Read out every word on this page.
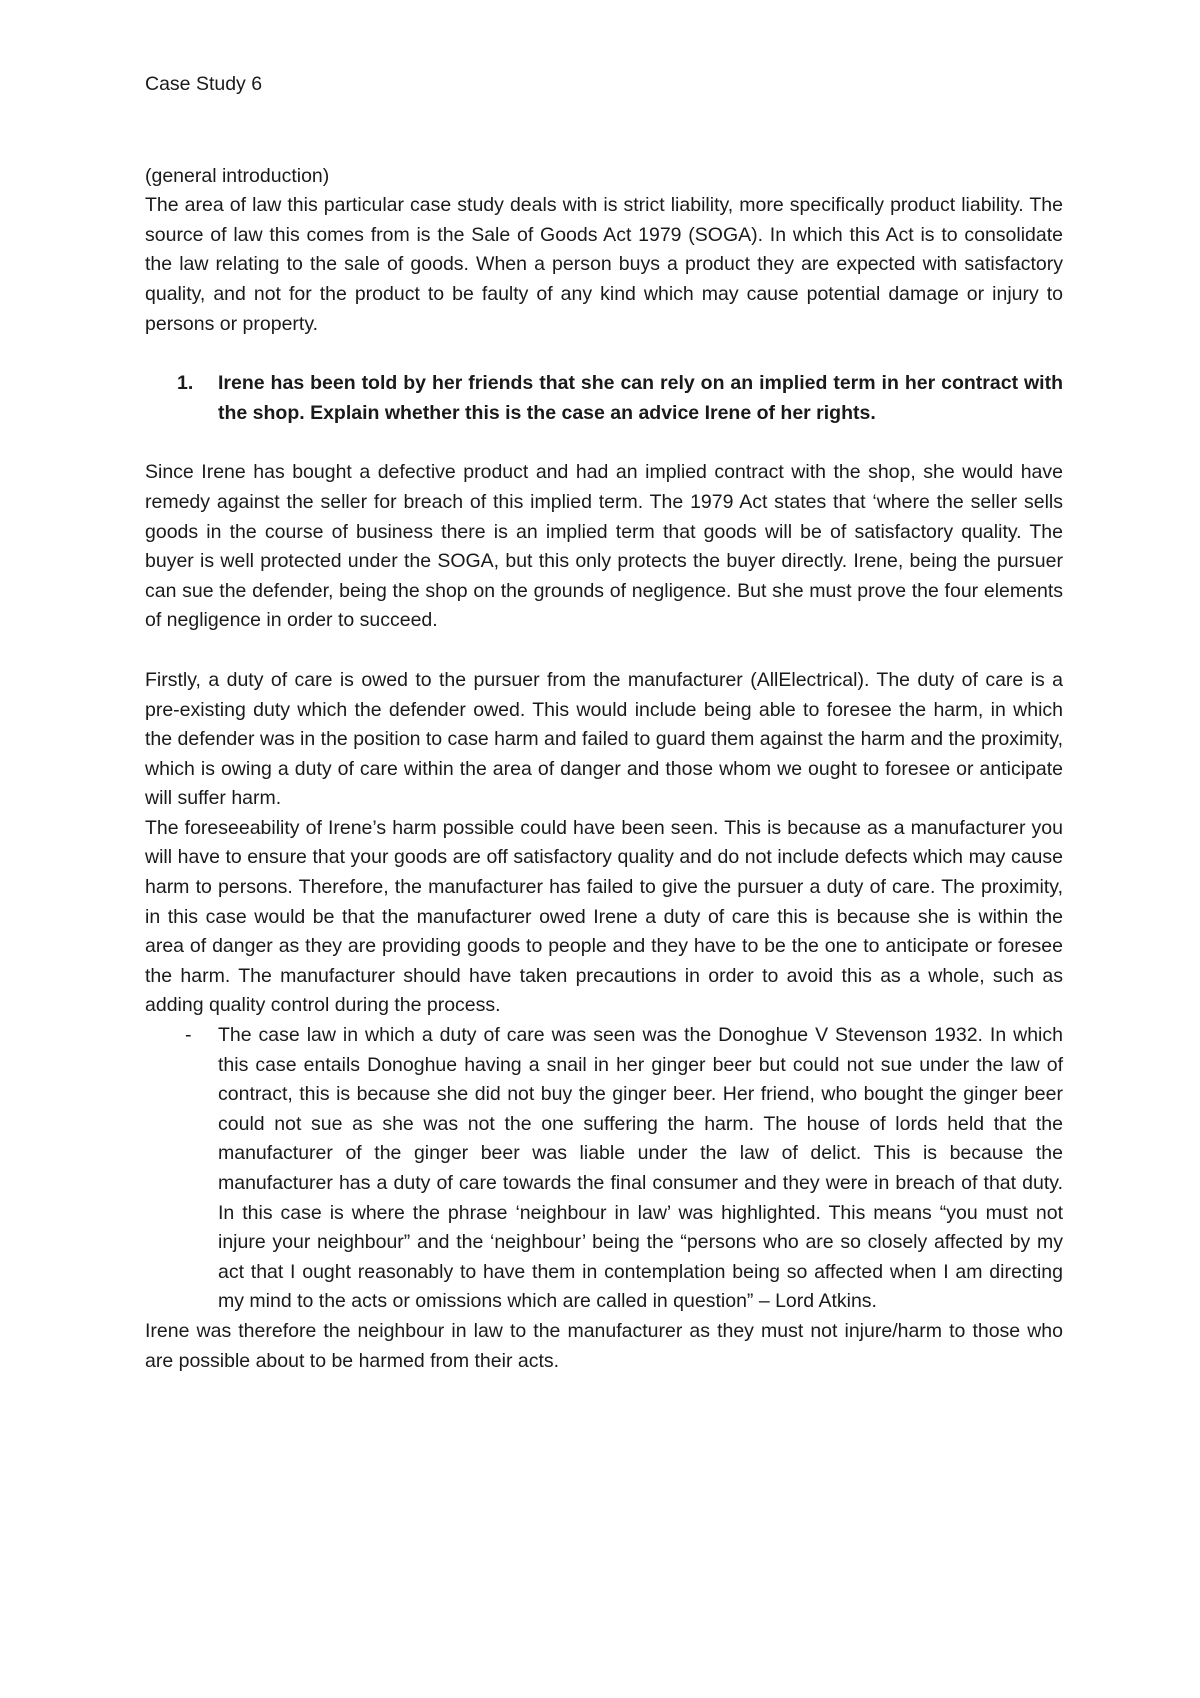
Case Study 6

(general introduction)

The area of law this particular case study deals with is strict liability, more specifically product liability. The source of law this comes from is the Sale of Goods Act 1979 (SOGA). In which this Act is to consolidate the law relating to the sale of goods. When a person buys a product they are expected with satisfactory quality, and not for the product to be faulty of any kind which may cause potential damage or injury to persons or property.

1.	Irene has been told by her friends that she can rely on an implied term in her contract with the shop. Explain whether this is the case an advice Irene of her rights.

Since Irene has bought a defective product and had an implied contract with the shop, she would have remedy against the seller for breach of this implied term. The 1979 Act states that ‘where the seller sells goods in the course of business there is an implied term that goods will be of satisfactory quality. The buyer is well protected under the SOGA, but this only protects the buyer directly. Irene, being the pursuer can sue the defender, being the shop on the grounds of negligence. But she must prove the four elements of negligence in order to succeed.

Firstly, a duty of care is owed to the pursuer from the manufacturer (AllElectrical). The duty of care is a pre-existing duty which the defender owed. This would include being able to foresee the harm, in which the defender was in the position to case harm and failed to guard them against the harm and the proximity, which is owing a duty of care within the area of danger and those whom we ought to foresee or anticipate will suffer harm.

The foreseeability of Irene’s harm possible could have been seen. This is because as a manufacturer you will have to ensure that your goods are off satisfactory quality and do not include defects which may cause harm to persons. Therefore, the manufacturer has failed to give the pursuer a duty of care. The proximity, in this case would be that the manufacturer owed Irene a duty of care this is because she is within the area of danger as they are providing goods to people and they have to be the one to anticipate or foresee the harm. The manufacturer should have taken precautions in order to avoid this as a whole, such as adding quality control during the process.

-	The case law in which a duty of care was seen was the Donoghue V Stevenson 1932. In which this case entails Donoghue having a snail in her ginger beer but could not sue under the law of contract, this is because she did not buy the ginger beer. Her friend, who bought the ginger beer could not sue as she was not the one suffering the harm. The house of lords held that the manufacturer of the ginger beer was liable under the law of delict. This is because the manufacturer has a duty of care towards the final consumer and they were in breach of that duty. In this case is where the phrase ‘neighbour in law’ was highlighted. This means “you must not injure your neighbour” and the ‘neighbour’ being the “persons who are so closely affected by my act that I ought reasonably to have them in contemplation being so affected when I am directing my mind to the acts or omissions which are called in question” – Lord Atkins.

Irene was therefore the neighbour in law to the manufacturer as they must not injure/harm to those who are possible about to be harmed from their acts.
